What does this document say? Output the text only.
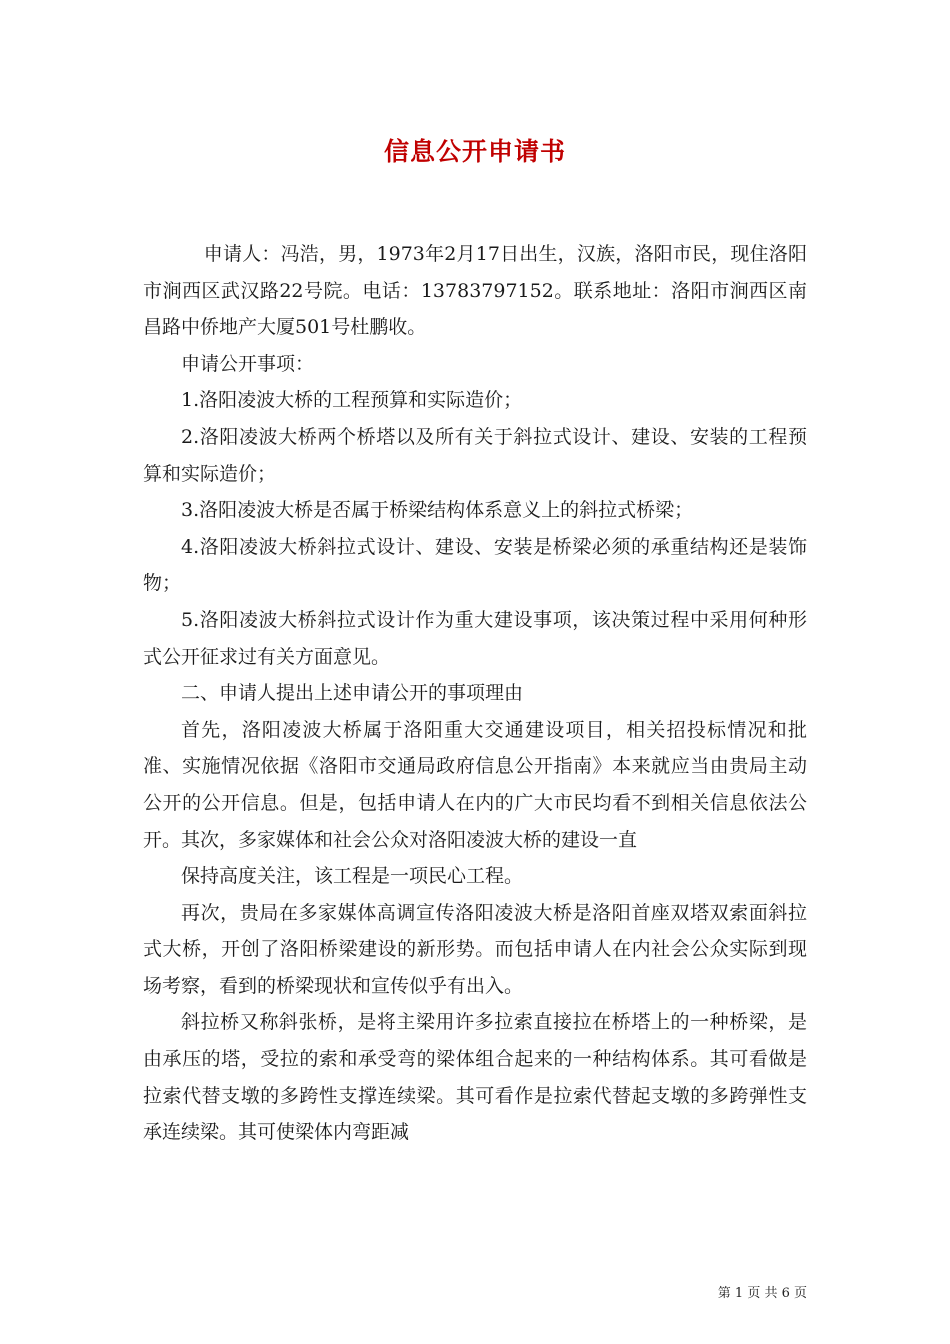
信息公开申请书

申请人：冯浩，男，1973年2月17日出生，汉族，洛阳市民，现住洛阳市涧西区武汉路22号院。电话：13783797152。联系地址：洛阳市涧西区南昌路中侨地产大厦501号杜鹏收。

申请公开事项：

1.洛阳凌波大桥的工程预算和实际造价；

2.洛阳凌波大桥两个桥塔以及所有关于斜拉式设计、建设、安装的工程预算和实际造价；

3.洛阳凌波大桥是否属于桥梁结构体系意义上的斜拉式桥梁；

4.洛阳凌波大桥斜拉式设计、建设、安装是桥梁必须的承重结构还是装饰物；

5.洛阳凌波大桥斜拉式设计作为重大建设事项，该决策过程中采用何种形式公开征求过有关方面意见。

二、申请人提出上述申请公开的事项理由

首先，洛阳凌波大桥属于洛阳重大交通建设项目，相关招投标情况和批准、实施情况依据《洛阳市交通局政府信息公开指南》本来就应当由贵局主动公开的公开信息。但是，包括申请人在内的广大市民均看不到相关信息依法公开。其次，多家媒体和社会公众对洛阳凌波大桥的建设一直

保持高度关注，该工程是一项民心工程。

再次，贵局在多家媒体高调宣传洛阳凌波大桥是洛阳首座双塔双索面斜拉式大桥，开创了洛阳桥梁建设的新形势。而包括申请人在内社会公众实际到现场考察，看到的桥梁现状和宣传似乎有出入。

斜拉桥又称斜张桥，是将主梁用许多拉索直接拉在桥塔上的一种桥梁，是由承压的塔，受拉的索和承受弯的梁体组合起来的一种结构体系。其可看做是拉索代替支墩的多跨性支撑连续梁。其可看作是拉索代替起支墩的多跨弹性支承连续梁。其可使梁体内弯距减

第 1 页 共 6 页
